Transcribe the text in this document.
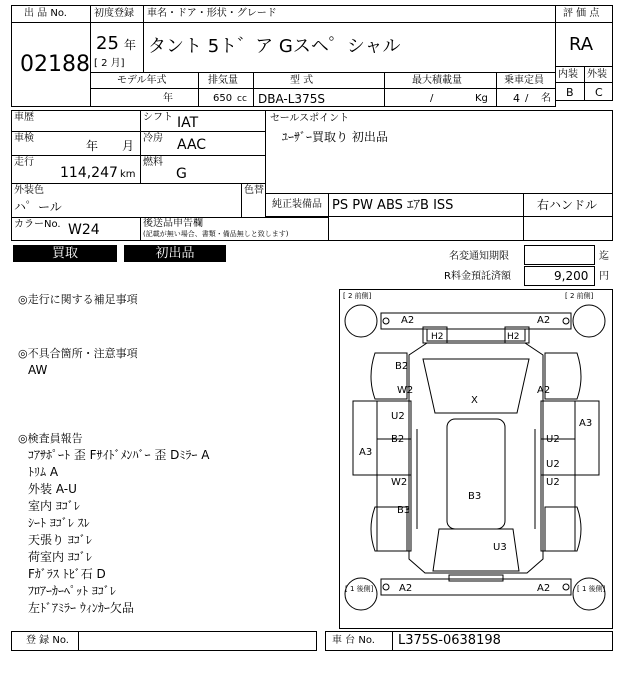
出 品 No.
02188
初度登録 車名・ドア・形状・グレード
25 年
[ 2 月]
タント 5ト゛ア Gスヘ゜シャル
評 価 点
RA
内装 外装
B C
モデル年式
年
排気量
650 cc
型 式
DBA-L375S
最大積載量
/	Kg
乗車定員
4 / 名
車歴	シフト IAT
車検
年 月
冷房 AAC
走行
114,247 km
燃料
G
外装色
ハ゜ール
色替
カラーNo. W24	後送品申告欄
(記載が無い場合、書類・備品無しと致します)
セールスポイント
ﾕｰｻﾞｰ買取り 初出品
純正装備品 PS PW ABS ｴｱB ISS	右ハンドル
買取	初出品	名変通知期限	迄
R料金預託済額	9,200 円
◎走行に関する補足事項
◎不具合箇所・注意事項
AW
◎検査員報告
ｺｱｻﾎﾟｰﾄ 歪 Fｻｲﾄﾞﾒﾝﾊﾞｰ 歪 Dﾐﾗｰ A
ﾄﾘﾑ A
外装 A-U
室内 ﾖｺﾞﾚ
ｼｰﾄ ﾖｺﾞﾚ ｽﾚ
天張り ﾖｺﾞﾚ
荷室内 ﾖｺﾞﾚ
Fｶﾞﾗｽ ﾄﾋﾞ石 D
ﾌﾛｱｰｶｰﾍﾟｯﾄ ﾖｺﾞﾚ
左ﾄﾞｱﾐﾗｰ ｳｨﾝｶｰ欠品
[ 2 前側]	[ 2 前側]
[ 1 後側]	[ 1 後側]
A2	A2
H2	H2
B2
W2	A2
X
A3
U2
B2	U2
A3
U2
W2	U2
B3
B3
U3
A2	A2
登 録 No.	車 台 No. L375S-0638198
